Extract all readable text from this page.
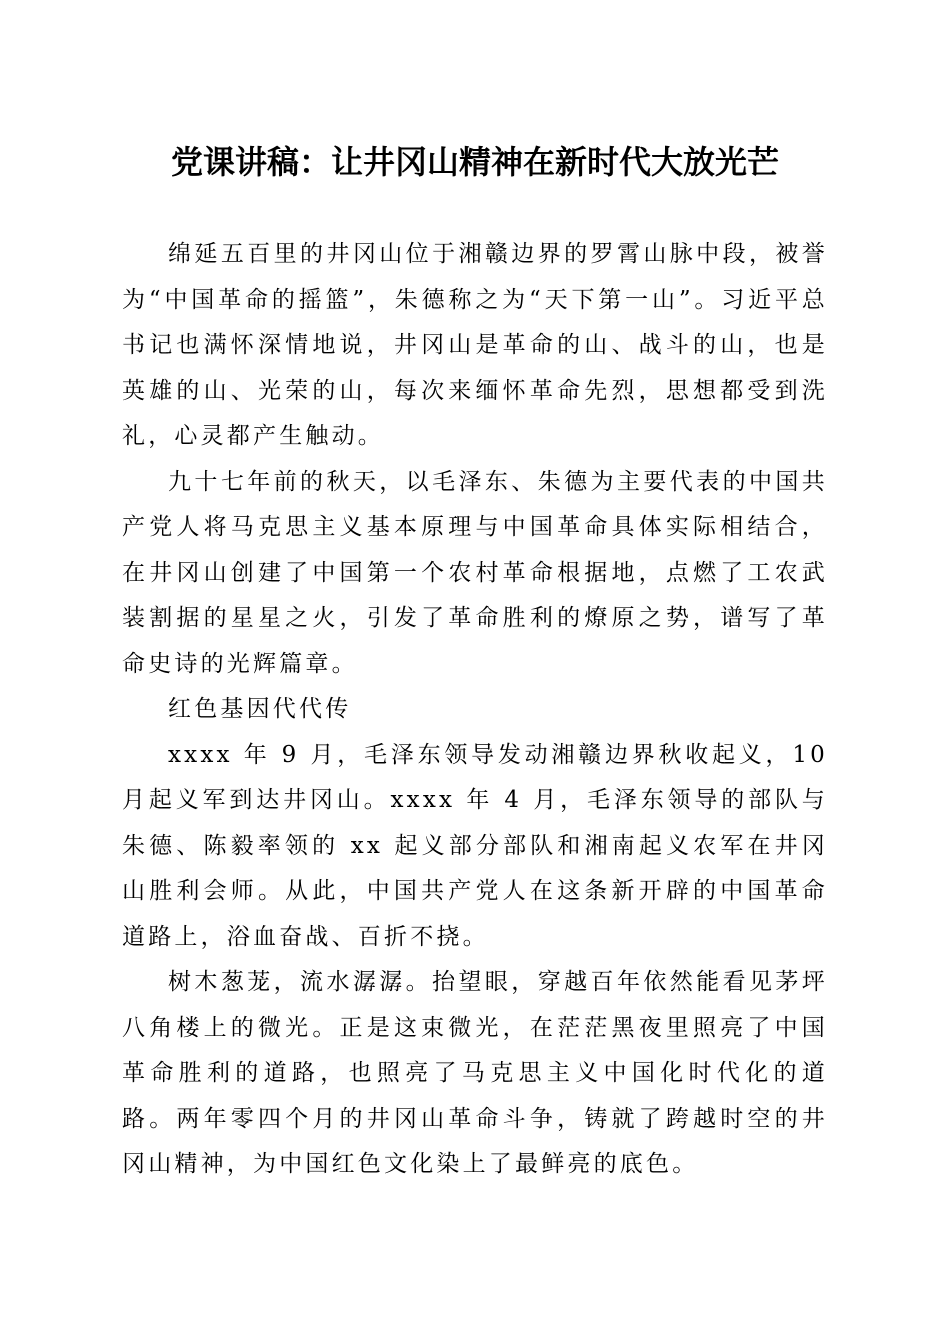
党课讲稿：让井冈山精神在新时代大放光芒

绵延五百里的井冈山位于湘赣边界的罗霄山脉中段，被誉为“中国革命的摇篮”，朱德称之为“天下第一山”。习近平总书记也满怀深情地说，井冈山是革命的山、战斗的山，也是英雄的山、光荣的山，每次来缅怀革命先烈，思想都受到洗礼，心灵都产生触动。

九十七年前的秋天，以毛泽东、朱德为主要代表的中国共产党人将马克思主义基本原理与中国革命具体实际相结合，在井冈山创建了中国第一个农村革命根据地，点燃了工农武装割据的星星之火，引发了革命胜利的燎原之势，谱写了革命史诗的光辉篇章。

红色基因代代传

xxxx 年 9 月，毛泽东领导发动湘赣边界秋收起义，10 月起义军到达井冈山。xxxx 年 4 月，毛泽东领导的部队与朱德、陈毅率领的 xx 起义部分部队和湘南起义农军在井冈山胜利会师。从此，中国共产党人在这条新开辟的中国革命道路上，浴血奋战、百折不挠。

树木葱茏，流水潺潺。抬望眼，穿越百年依然能看见茅坪八角楼上的微光。正是这束微光，在茫茫黑夜里照亮了中国革命胜利的道路，也照亮了马克思主义中国化时代化的道路。两年零四个月的井冈山革命斗争，铸就了跨越时空的井冈山精神，为中国红色文化染上了最鲜亮的底色。
